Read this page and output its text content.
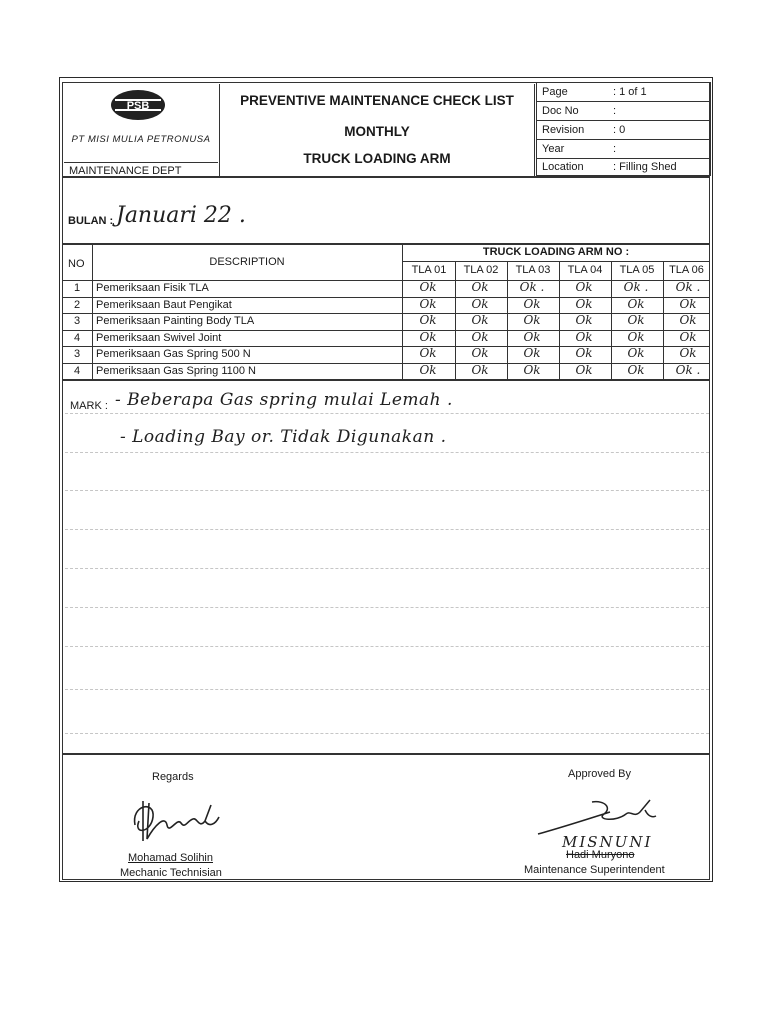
PSB
PT MISI MULIA PETRONUSA
MAINTENANCE DEPT
PREVENTIVE MAINTENANCE CHECK LIST
MONTHLY
TRUCK LOADING ARM
Page	: 1 of 1
Doc No	:
Revision	: 0
Year	:
Location	: Filling Shed
BULAN : Januari 22 .
NO	DESCRIPTION
TRUCK LOADING ARM NO :
TLA 01	TLA 02	TLA 03	TLA 04	TLA 05	TLA 06
1	Pemeriksaan Fisik TLA	Ok	Ok	Ok .	Ok	Ok .	Ok .
2	Pemeriksaan Baut Pengikat	Ok	Ok	Ok	Ok	Ok	Ok
3	Pemeriksaan Painting Body TLA	Ok	Ok	Ok	Ok	Ok	Ok
4	Pemeriksaan Swivel Joint	Ok	Ok	Ok	Ok	Ok	Ok
3	Pemeriksaan Gas Spring 500 N	Ok	Ok	Ok	Ok	Ok	Ok
4	Pemeriksaan Gas Spring 1100 N	Ok	Ok	Ok	Ok	Ok	Ok .
MARK : - Beberapa Gas spring mulai Lemah .
- Loading Bay or. Tidak Digunakan .
Regards
Mohamad Solihin
Mechanic Technisian
Approved By
MISNUNI
Hadi Muryono
Maintenance Superintendent
